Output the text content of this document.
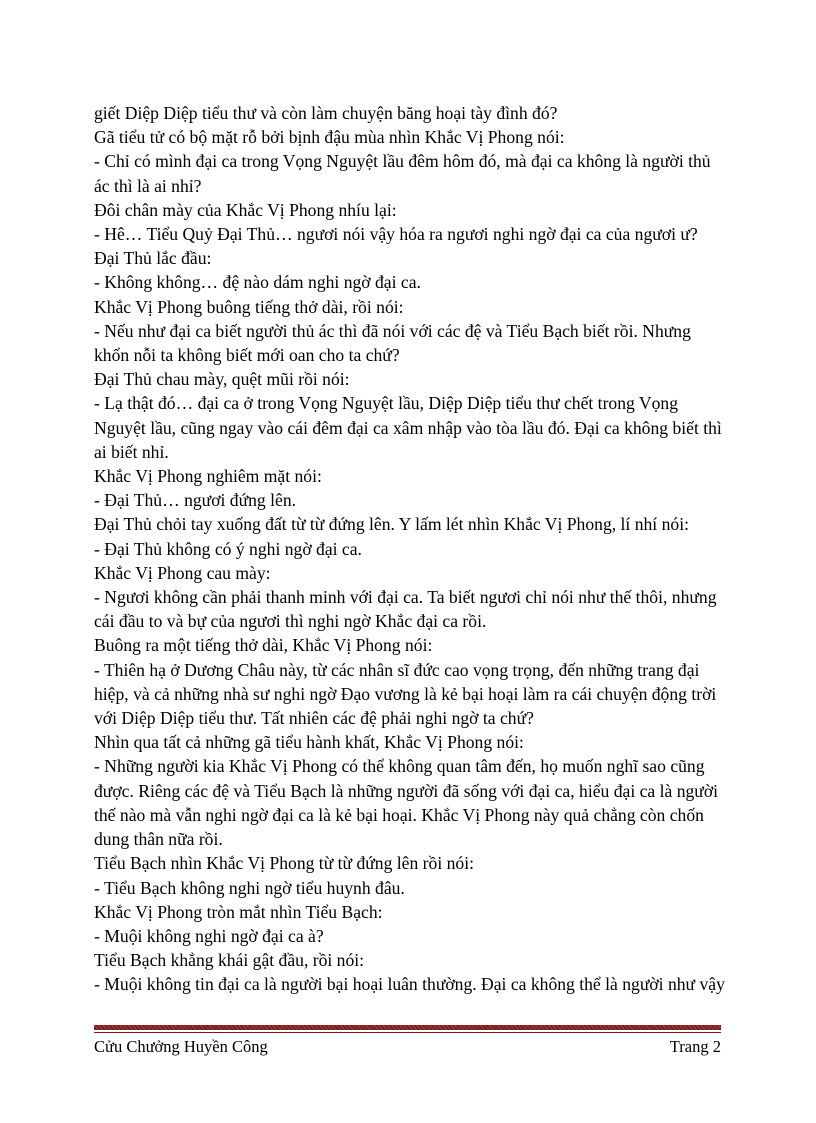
giết Diệp Diệp tiểu thư và còn làm chuyện băng hoại tày đình đó?
Gã tiểu tử có bộ mặt rỗ bởi bịnh đậu mùa nhìn Khắc Vị Phong nói:
- Chỉ có mình đại ca trong Vọng Nguyệt lầu đêm hôm đó, mà đại ca không là người thủ
ác thì là ai nhỉ?
Đôi chân mày của Khắc Vị Phong nhíu lại:
- Hê… Tiểu Quỷ Đại Thủ… ngươi nói vậy hóa ra ngươi nghi ngờ đại ca của ngươi ư?
Đại Thủ lắc đầu:
- Không không… đệ nào dám nghi ngờ đại ca.
Khắc Vị Phong buông tiếng thở dài, rồi nói:
- Nếu như đại ca biết người thủ ác thì đã nói với các đệ và Tiểu Bạch biết rồi. Nhưng
khốn nỗi ta không biết mới oan cho ta chứ?
Đại Thủ chau mày, quệt mũi rồi nói:
- Lạ thật đó… đại ca ở trong Vọng Nguyệt lầu, Diệp Diệp tiểu thư chết trong Vọng
Nguyệt lầu, cũng ngay vào cái đêm đại ca xâm nhập vào tòa lầu đó. Đại ca không biết thì
ai biết nhỉ.
Khắc Vị Phong nghiêm mặt nói:
- Đại Thủ… ngươi đứng lên.
Đại Thủ chỏi tay xuống đất từ từ đứng lên. Y lấm lét nhìn Khắc Vị Phong, lí nhí nói:
- Đại Thủ không có ý nghi ngờ đại ca.
Khắc Vị Phong cau mày:
- Ngươi không cần phải thanh minh với đại ca. Ta biết ngươi chỉ nói như thế thôi, nhưng
cái đầu to và bự của ngươi thì nghi ngờ Khắc đại ca rồi.
Buông ra một tiếng thở dài, Khắc Vị Phong nói:
- Thiên hạ ở Dương Châu này, từ các nhân sĩ đức cao vọng trọng, đến những trang đại
hiệp, và cả những nhà sư nghi ngờ Đạo vương là kẻ bại hoại làm ra cái chuyện động trời
với Diệp Diệp tiểu thư. Tất nhiên các đệ phải nghi ngờ ta chứ?
Nhìn qua tất cả những gã tiểu hành khất, Khắc Vị Phong nói:
- Những người kia Khắc Vị Phong có thể không quan tâm đến, họ muốn nghĩ sao cũng
được. Riêng các đệ và Tiểu Bạch là những người đã sống với đại ca, hiểu đại ca là người
thế nào mà vẫn nghi ngờ đại ca là kẻ bại hoại. Khắc Vị Phong này quả chẳng còn chốn
dung thân nữa rồi.
Tiểu Bạch nhìn Khắc Vị Phong từ từ đứng lên rồi nói:
- Tiểu Bạch không nghi ngờ tiểu huynh đâu.
Khắc Vị Phong tròn mắt nhìn Tiểu Bạch:
- Muội không nghi ngờ đại ca à?
Tiểu Bạch khẳng khái gật đầu, rồi nói:
- Muội không tin đại ca là người bại hoại luân thường. Đại ca không thể là người như vậy
Cửu Chưởng Huyền Công	Trang 2
